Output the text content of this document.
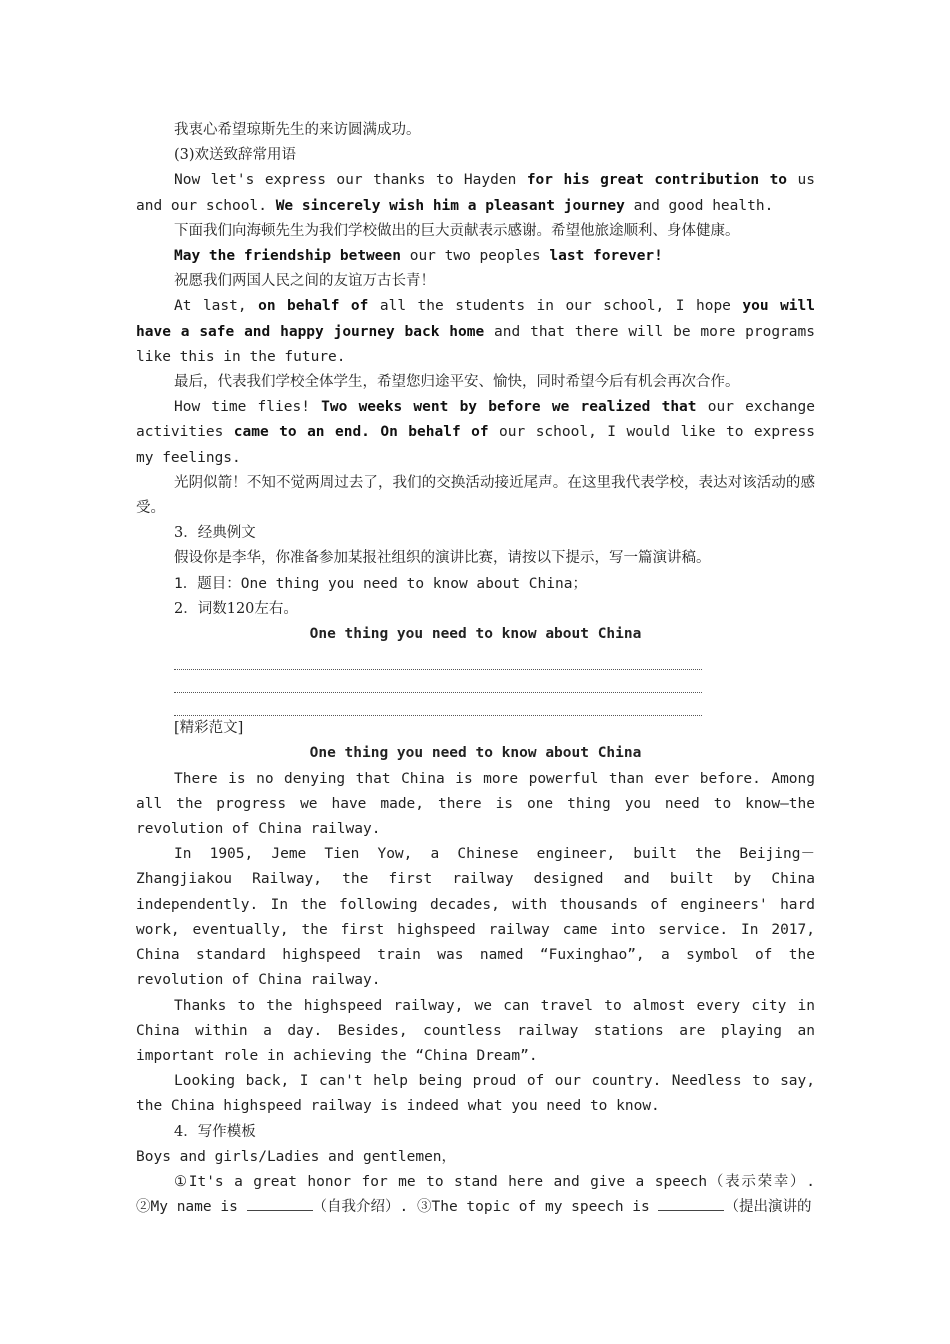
我衷心希望琼斯先生的来访圆满成功。

(3)欢送致辞常用语

Now let's express our thanks to Hayden for his great contribution to us and our school. We sincerely wish him a pleasant journey and good health.

下面我们向海顿先生为我们学校做出的巨大贡献表示感谢。希望他旅途顺利、身体健康。

May the friendship between our two peoples last forever!

祝愿我们两国人民之间的友谊万古长青！

At last, on behalf of all the students in our school, I hope you will have a safe and happy journey back home and that there will be more programs like this in the future.

最后，代表我们学校全体学生，希望您归途平安、愉快，同时希望今后有机会再次合作。

How time flies! Two weeks went by before we realized that our exchange activities came to an end. On behalf of our school, I would like to express my feelings.

光阴似箭！不知不觉两周过去了，我们的交换活动接近尾声。在这里我代表学校，表达对该活动的感受。

3．经典例文

假设你是李华，你准备参加某报社组织的演讲比赛，请按以下提示，写一篇演讲稿。

1．题目：One thing you need to know about China；

2．词数120左右。

One thing you need to know about China

[精彩范文]

One thing you need to know about China

There is no denying that China is more powerful than ever before. Among all the progress we have made, there is one thing you need to know—the revolution of China railway.

In 1905, Jeme Tien Yow, a Chinese engineer, built the Beijing－Zhangjiakou Railway, the first railway designed and built by China independently. In the following decades, with thousands of engineers' hard work, eventually, the first highspeed railway came into service. In 2017, China standard highspeed train was named “Fuxinghao”, a symbol of the revolution of China railway.

Thanks to the highspeed railway, we can travel to almost every city in China within a day. Besides, countless railway stations are playing an important role in achieving the “China Dream”.

Looking back, I can't help being proud of our country. Needless to say, the China highspeed railway is indeed what you need to know.

4．写作模板

Boys and girls/Ladies and gentlemen，

①It's a great honor for me to stand here and give a speech（表示荣幸）. ②My name is	（自我介绍）. ③The topic of my speech is	（提出演讲的
